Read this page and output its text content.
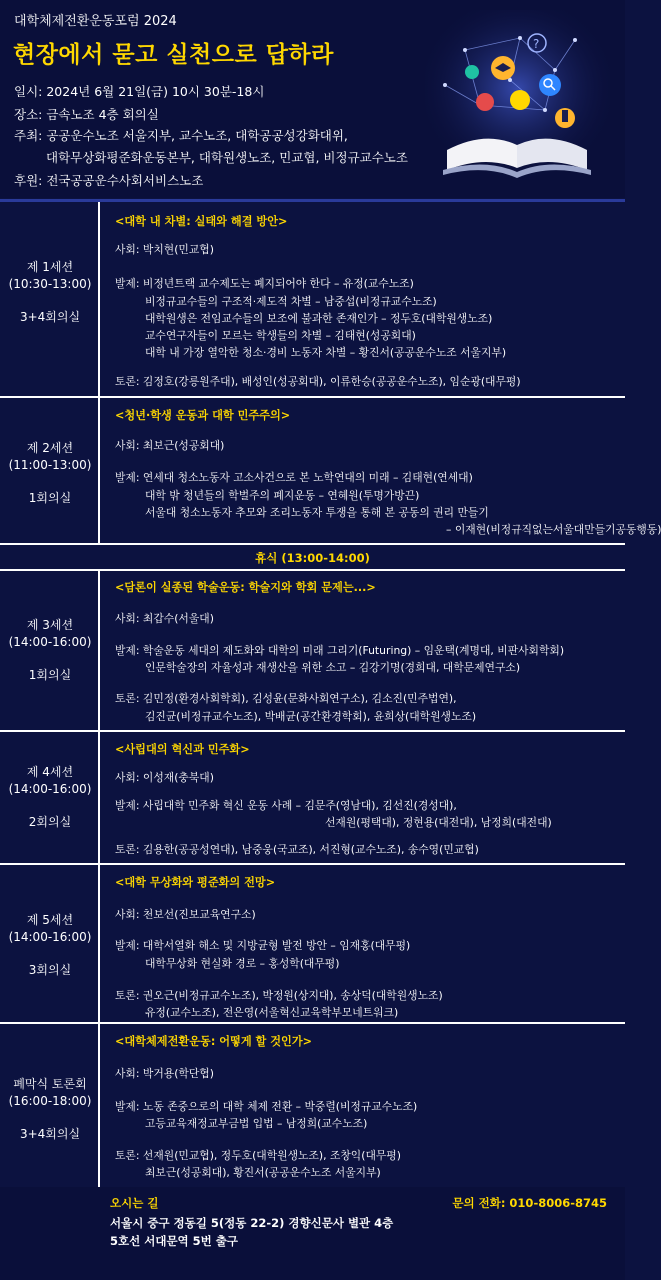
대학체제전환운동포럼 2024
현장에서 묻고 실천으로 답하라
일시: 2024년 6월 21일(금) 10시 30분-18시
장소: 금속노조 4층 회의실
주최: 공공운수노조 서울지부, 교수노조, 대학공공성강화대위,
대학무상화평준화운동본부, 대학원생노조, 민교협, 비정규교수노조
후원: 전국공공운수사회서비스노조
?
제 1세션
(10:30-13:00)
3+4회의실
<대학 내 차별: 실태와 해결 방안>
사회: 박치현(민교협)
발제: 비정년트랙 교수제도는 폐지되어야 한다 – 유정(교수노조)
비정규교수들의 구조적·제도적 차별 – 남중섭(비정규교수노조)
대학원생은 전임교수들의 보조에 불과한 존재인가 – 정두호(대학원생노조)
교수연구자들이 모르는 학생들의 차별 – 김태현(성공회대)
대학 내 가장 열악한 청소·경비 노동자 차별 – 황진서(공공운수노조 서울지부)
토론: 김정호(강릉원주대), 배성인(성공회대), 이류한승(공공운수노조), 임순광(대무평)
제 2세션
(11:00-13:00)
1회의실
<청년·학생 운동과 대학 민주주의>
사회: 최보근(성공회대)
발제: 연세대 청소노동자 고소사건으로 본 노학연대의 미래 – 김태현(연세대)
대학 밖 청년들의 학벌주의 폐지운동 – 연혜원(투명가방끈)
서울대 청소노동자 추모와 조리노동자 투쟁을 통해 본 공동의 권리 만들기
– 이재현(비정규직없는서울대만들기공동행동)
휴식 (13:00-14:00)
제 3세션
(14:00-16:00)
1회의실
<담론이 실종된 학술운동: 학술지와 학회 문제는...>
사회: 최갑수(서울대)
발제: 학술운동 세대의 제도화와 대학의 미래 그리기(Futuring) – 임운택(계명대, 비판사회학회)
인문학술장의 자율성과 재생산을 위한 소고 – 김강기명(경희대, 대학문제연구소)
토론: 김민정(환경사회학회), 김성윤(문화사회연구소), 김소진(민주법연),
김진균(비정규교수노조), 박배균(공간환경학회), 윤희상(대학원생노조)
제 4세션
(14:00-16:00)
2회의실
<사립대의 혁신과 민주화>
사회: 이성재(충북대)
발제: 사립대학 민주화 혁신 운동 사례 – 김문주(영남대), 김선진(경성대),
선재원(평택대), 정현용(대전대), 남정희(대전대)
토론: 김용한(공공성연대), 남중웅(국교조), 서진형(교수노조), 송수영(민교협)
제 5세션
(14:00-16:00)
3회의실
<대학 무상화와 평준화의 전망>
사회: 천보선(진보교육연구소)
발제: 대학서열화 해소 및 지방균형 발전 방안 – 임재홍(대무평)
대학무상화 현실화 경로 – 홍성학(대무평)
토론: 권오근(비정규교수노조), 박정원(상지대), 송상덕(대학원생노조)
유정(교수노조), 전은영(서울혁신교육학부모네트워크)
폐막식 토론회
(16:00-18:00)
3+4회의실
<대학체제전환운동: 어떻게 할 것인가>
사회: 박거용(학단협)
발제: 노동 존중으로의 대학 체제 전환 – 박중렬(비정규교수노조)
고등교육재정교부금법 입법 – 남정희(교수노조)
토론: 선재원(민교협), 정두호(대학원생노조), 조창익(대무평)
최보근(성공회대), 황진서(공공운수노조 서울지부)
오시는 길	문의 전화: 010-8006-8745
서울시 중구 정동길 5(정동 22-2) 경향신문사 별관 4층
5호선 서대문역 5번 출구
